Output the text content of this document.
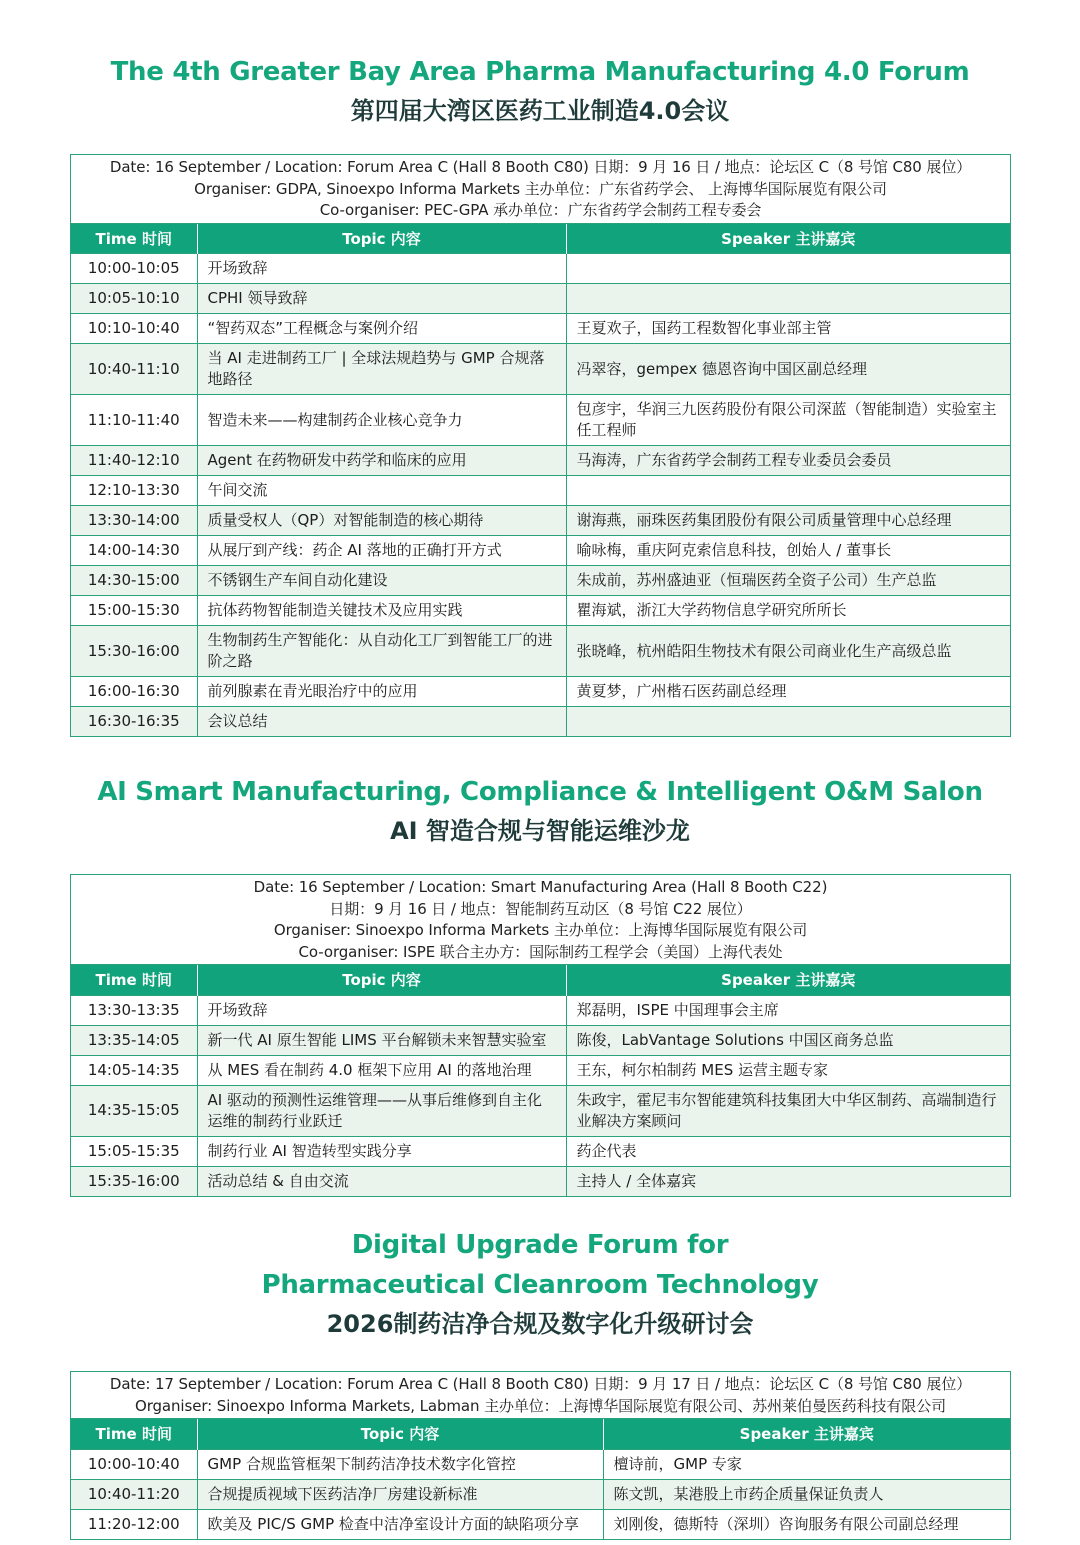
The 4th Greater Bay Area Pharma Manufacturing 4.0 Forum
第四届大湾区医药工业制造4.0会议
Date: 16 September / Location: Forum Area C (Hall 8 Booth C80) 日期：9 月 16 日 / 地点：论坛区 C（8 号馆 C80 展位）
Organiser: GDPA, Sinoexpo Informa Markets 主办单位：广东省药学会、 上海博华国际展览有限公司
Co-organiser: PEC-GPA 承办单位：广东省药学会制药工程专委会
Time 时间	Topic 内容	Speaker 主讲嘉宾
10:00-10:05	开场致辞	
10:05-10:10	CPHI 领导致辞	
10:10-10:40	“智药双态”工程概念与案例介绍	王夏欢子，国药工程数智化事业部主管
10:40-11:10	当 AI 走进制药工厂 | 全球法规趋势与 GMP 合规落地路径	冯翠容，gempex 德恩咨询中国区副总经理
11:10-11:40	智造未来——构建制药企业核心竞争力	包彦宇，华润三九医药股份有限公司深蓝（智能制造）实验室主任工程师
11:40-12:10	Agent 在药物研发中药学和临床的应用	马海涛，广东省药学会制药工程专业委员会委员
12:10-13:30	午间交流	
13:30-14:00	质量受权人（QP）对智能制造的核心期待	谢海燕，丽珠医药集团股份有限公司质量管理中心总经理
14:00-14:30	从展厅到产线：药企 AI 落地的正确打开方式	喻咏梅，重庆阿克索信息科技，创始人 / 董事长
14:30-15:00	不锈钢生产车间自动化建设	朱成前，苏州盛迪亚（恒瑞医药全资子公司）生产总监
15:00-15:30	抗体药物智能制造关键技术及应用实践	瞿海斌，浙江大学药物信息学研究所所长
15:30-16:00	生物制药生产智能化：从自动化工厂到智能工厂的进阶之路	张晓峰，杭州皓阳生物技术有限公司商业化生产高级总监
16:00-16:30	前列腺素在青光眼治疗中的应用	黄夏梦，广州楷石医药副总经理
16:30-16:35	会议总结	
AI Smart Manufacturing, Compliance & Intelligent O&M Salon
AI 智造合规与智能运维沙龙
Date: 16 September / Location: Smart Manufacturing Area (Hall 8 Booth C22)
日期：9 月 16 日 / 地点：智能制药互动区（8 号馆 C22 展位）
Organiser: Sinoexpo Informa Markets 主办单位：上海博华国际展览有限公司
Co-organiser: ISPE 联合主办方：国际制药工程学会（美国）上海代表处
Time 时间	Topic 内容	Speaker 主讲嘉宾
13:30-13:35	开场致辞	郑磊明，ISPE 中国理事会主席
13:35-14:05	新一代 AI 原生智能 LIMS 平台解锁未来智慧实验室	陈俊，LabVantage Solutions 中国区商务总监
14:05-14:35	从 MES 看在制药 4.0 框架下应用 AI 的落地治理	王东，柯尔柏制药 MES 运营主题专家
14:35-15:05	AI 驱动的预测性运维管理——从事后维修到自主化运维的制药行业跃迁	朱政宇，霍尼韦尔智能建筑科技集团大中华区制药、高端制造行业解决方案顾问
15:05-15:35	制药行业 AI 智造转型实践分享	药企代表
15:35-16:00	活动总结 & 自由交流	主持人 / 全体嘉宾
Digital Upgrade Forum for
Pharmaceutical Cleanroom Technology
2026制药洁净合规及数字化升级研讨会
Date: 17 September / Location: Forum Area C (Hall 8 Booth C80) 日期：9 月 17 日 / 地点：论坛区 C（8 号馆 C80 展位）
Organiser: Sinoexpo Informa Markets, Labman 主办单位：上海博华国际展览有限公司、苏州莱伯曼医药科技有限公司
Time 时间	Topic 内容	Speaker 主讲嘉宾
10:00-10:40	GMP 合规监管框架下制药洁净技术数字化管控	檀诗前，GMP 专家
10:40-11:20	合规提质视域下医药洁净厂房建设新标准	陈文凯，某港股上市药企质量保证负责人
11:20-12:00	欧美及 PIC/S GMP 检查中洁净室设计方面的缺陷项分享	刘刚俊，德斯特（深圳）咨询服务有限公司副总经理
